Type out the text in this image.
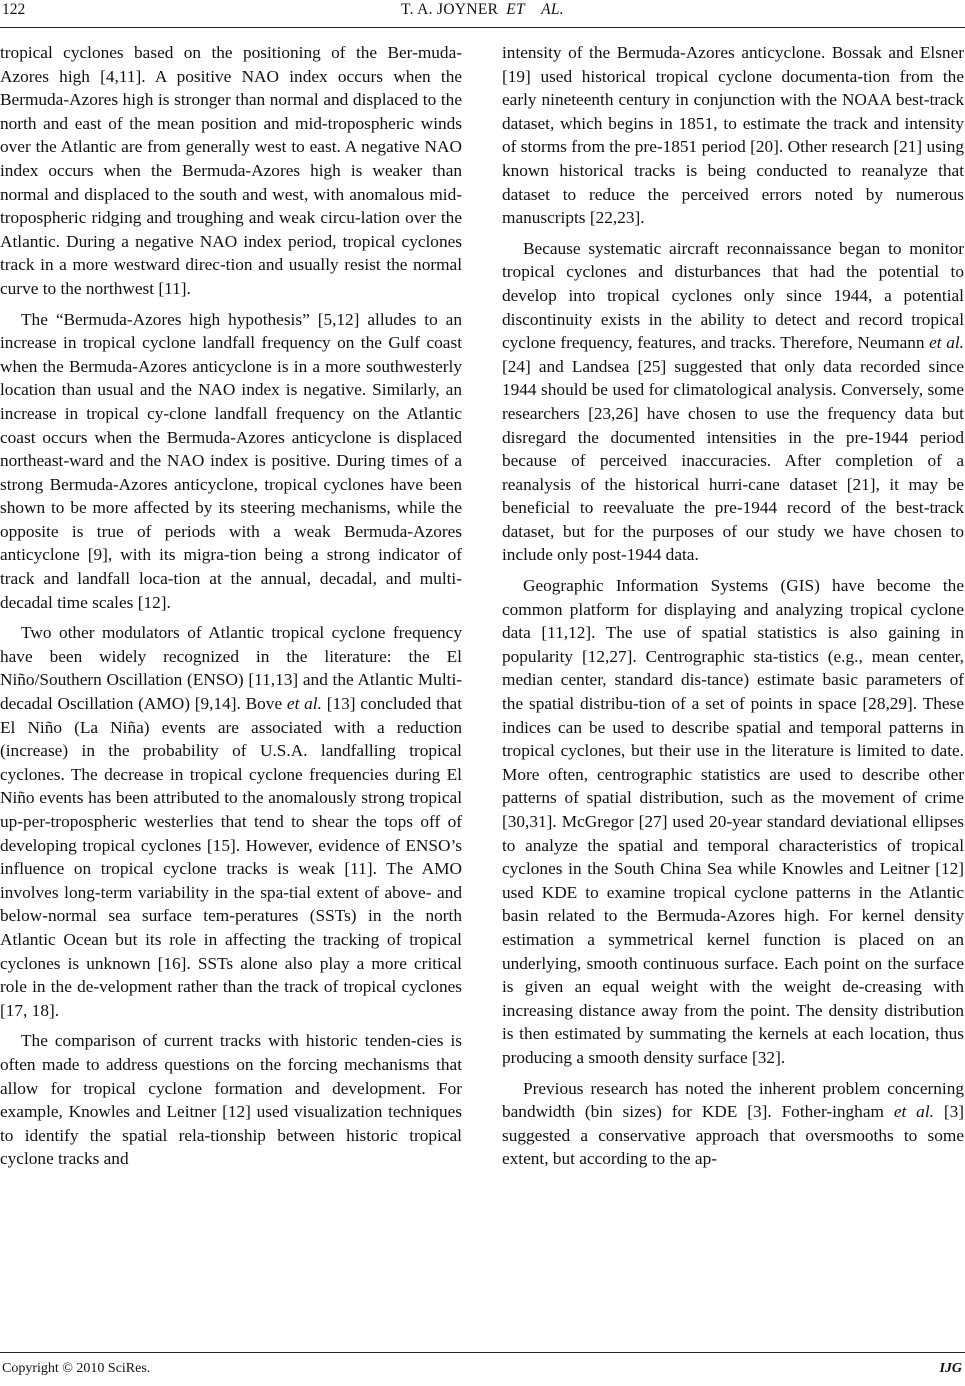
122	T. A. JOYNER ET    AL.

tropical cyclones based on the positioning of the Ber-muda-Azores high [4,11]. A positive NAO index occurs when the Bermuda-Azores high is stronger than normal and displaced to the north and east of the mean position and mid-tropospheric winds over the Atlantic are from generally west to east. A negative NAO index occurs when the Bermuda-Azores high is weaker than normal and displaced to the south and west, with anomalous mid-tropospheric ridging and troughing and weak circu-lation over the Atlantic. During a negative NAO index period, tropical cyclones track in a more westward direc-tion and usually resist the normal curve to the northwest [11].

The “Bermuda-Azores high hypothesis” [5,12] alludes to an increase in tropical cyclone landfall frequency on the Gulf coast when the Bermuda-Azores anticyclone is in a more southwesterly location than usual and the NAO index is negative. Similarly, an increase in tropical cy-clone landfall frequency on the Atlantic coast occurs when the Bermuda-Azores anticyclone is displaced northeast-ward and the NAO index is positive. During times of a strong Bermuda-Azores anticyclone, tropical cyclones have been shown to be more affected by its steering mechanisms, while the opposite is true of periods with a weak Bermuda-Azores anticyclone [9], with its migra-tion being a strong indicator of track and landfall loca-tion at the annual, decadal, and multi-decadal time scales [12].

Two other modulators of Atlantic tropical cyclone frequency have been widely recognized in the literature: the El Niño/Southern Oscillation (ENSO) [11,13] and the Atlantic Multi-decadal Oscillation (AMO) [9,14]. Bove et al. [13] concluded that El Niño (La Niña) events are associated with a reduction (increase) in the probability of U.S.A. landfalling tropical cyclones. The decrease in tropical cyclone frequencies during El Niño events has been attributed to the anomalously strong tropical up-per-tropospheric westerlies that tend to shear the tops off of developing tropical cyclones [15]. However, evidence of ENSO’s influence on tropical cyclone tracks is weak [11]. The AMO involves long-term variability in the spa-tial extent of above- and below-normal sea surface tem-peratures (SSTs) in the north Atlantic Ocean but its role in affecting the tracking of tropical cyclones is unknown [16]. SSTs alone also play a more critical role in the de-velopment rather than the track of tropical cyclones [17, 18].

The comparison of current tracks with historic tenden-cies is often made to address questions on the forcing mechanisms that allow for tropical cyclone formation and development. For example, Knowles and Leitner [12] used visualization techniques to identify the spatial rela-tionship between historic tropical cyclone tracks and

intensity of the Bermuda-Azores anticyclone. Bossak and Elsner [19] used historical tropical cyclone documenta-tion from the early nineteenth century in conjunction with the NOAA best-track dataset, which begins in 1851, to estimate the track and intensity of storms from the pre-1851 period [20]. Other research [21] using known historical tracks is being conducted to reanalyze that dataset to reduce the perceived errors noted by numerous manuscripts [22,23].

Because systematic aircraft reconnaissance began to monitor tropical cyclones and disturbances that had the potential to develop into tropical cyclones only since 1944, a potential discontinuity exists in the ability to detect and record tropical cyclone frequency, features, and tracks. Therefore, Neumann et al. [24] and Landsea [25] suggested that only data recorded since 1944 should be used for climatological analysis. Conversely, some researchers [23,26] have chosen to use the frequency data but disregard the documented intensities in the pre-1944 period because of perceived inaccuracies. After completion of a reanalysis of the historical hurri-cane dataset [21], it may be beneficial to reevaluate the pre-1944 record of the best-track dataset, but for the purposes of our study we have chosen to include only post-1944 data.

Geographic Information Systems (GIS) have become the common platform for displaying and analyzing tropical cyclone data [11,12]. The use of spatial statistics is also gaining in popularity [12,27]. Centrographic sta-tistics (e.g., mean center, median center, standard dis-tance) estimate basic parameters of the spatial distribu-tion of a set of points in space [28,29]. These indices can be used to describe spatial and temporal patterns in tropical cyclones, but their use in the literature is limited to date. More often, centrographic statistics are used to describe other patterns of spatial distribution, such as the movement of crime [30,31]. McGregor [27] used 20-year standard deviational ellipses to analyze the spatial and temporal characteristics of tropical cyclones in the South China Sea while Knowles and Leitner [12] used KDE to examine tropical cyclone patterns in the Atlantic basin related to the Bermuda-Azores high. For kernel density estimation a symmetrical kernel function is placed on an underlying, smooth continuous surface. Each point on the surface is given an equal weight with the weight de-creasing with increasing distance away from the point. The density distribution is then estimated by summating the kernels at each location, thus producing a smooth density surface [32].

Previous research has noted the inherent problem concerning bandwidth (bin sizes) for KDE [3]. Fother-ingham et al. [3] suggested a conservative approach that oversmooths to some extent, but according to the ap-

Copyright © 2010 SciRes.	IJG
